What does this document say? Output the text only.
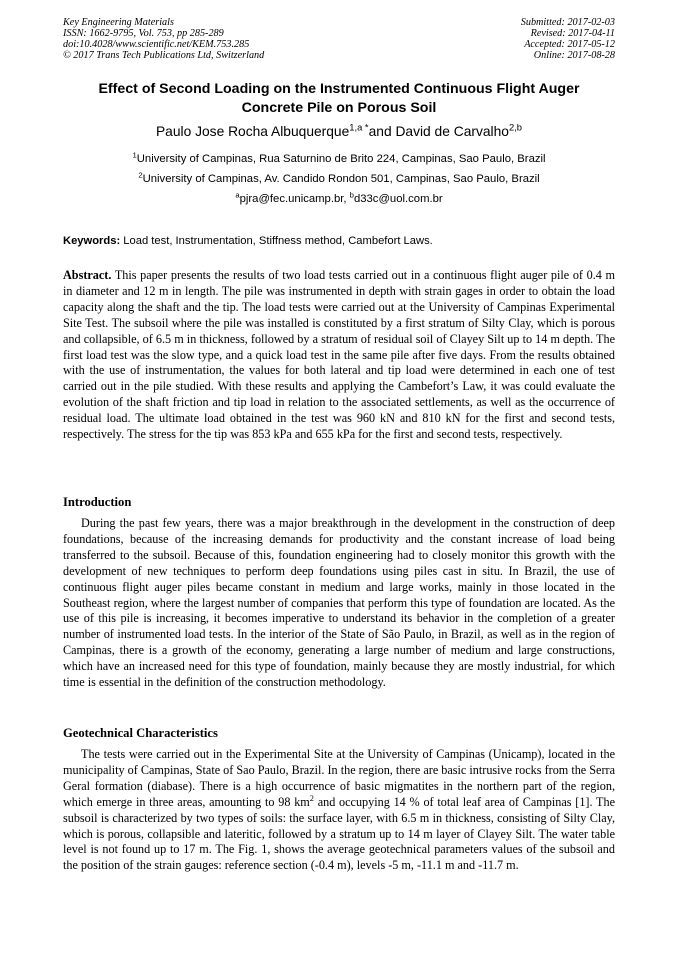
Key Engineering Materials
ISSN: 1662-9795, Vol. 753, pp 285-289
doi:10.4028/www.scientific.net/KEM.753.285
© 2017 Trans Tech Publications Ltd, Switzerland
Submitted: 2017-02-03
Revised: 2017-04-11
Accepted: 2017-05-12
Online: 2017-08-28
Effect of Second Loading on the Instrumented Continuous Flight Auger
Concrete Pile on Porous Soil
Paulo Jose Rocha Albuquerque$^{1,a *}$and David de Carvalho$^{2,b}$
$^1$University of Campinas, Rua Saturnino de Brito 224, Campinas, Sao Paulo, Brazil
$^2$University of Campinas, Av. Candido Rondon 501, Campinas, Sao Paulo, Brazil
$^a$pjra@fec.unicamp.br, $^b$d33c@uol.com.br
Keywords: Load test, Instrumentation, Stiffness method, Cambefort Laws.
Abstract. This paper presents the results of two load tests carried out in a continuous flight auger pile of 0.4 m in diameter and 12 m in length. The pile was instrumented in depth with strain gages in order to obtain the load capacity along the shaft and the tip. The load tests were carried out at the University of Campinas Experimental Site Test. The subsoil where the pile was installed is constituted by a first stratum of Silty Clay, which is porous and collapsible, of 6.5 m in thickness, followed by a stratum of residual soil of Clayey Silt up to 14 m depth. The first load test was the slow type, and a quick load test in the same pile after five days. From the results obtained with the use of instrumentation, the values for both lateral and tip load were determined in each one of test carried out in the pile studied. With these results and applying the Cambefort’s Law, it was could evaluate the evolution of the shaft friction and tip load in relation to the associated settlements, as well as the occurrence of residual load. The ultimate load obtained in the test was 960 kN and 810 kN for the first and second tests, respectively. The stress for the tip was 853 kPa and 655 kPa for the first and second tests, respectively.
Introduction
During the past few years, there was a major breakthrough in the development in the construction of deep foundations, because of the increasing demands for productivity and the constant increase of load being transferred to the subsoil. Because of this, foundation engineering had to closely monitor this growth with the development of new techniques to perform deep foundations using piles cast in situ. In Brazil, the use of continuous flight auger piles became constant in medium and large works, mainly in those located in the Southeast region, where the largest number of companies that perform this type of foundation are located. As the use of this pile is increasing, it becomes imperative to understand its behavior in the completion of a greater number of instrumented load tests. In the interior of the State of São Paulo, in Brazil, as well as in the region of Campinas, there is a growth of the economy, generating a large number of medium and large constructions, which have an increased need for this type of foundation, mainly because they are mostly industrial, for which time is essential in the definition of the construction methodology.
Geotechnical Characteristics
The tests were carried out in the Experimental Site at the University of Campinas (Unicamp), located in the municipality of Campinas, State of Sao Paulo, Brazil. In the region, there are basic intrusive rocks from the Serra Geral formation (diabase). There is a high occurrence of basic migmatites in the northern part of the region, which emerge in three areas, amounting to 98 $km^2$ and occupying 14 % of total leaf area of Campinas [1]. The subsoil is characterized by two types of soils: the surface layer, with 6.5 m in thickness, consisting of Silty Clay, which is porous, collapsible and lateritic, followed by a stratum up to 14 m layer of Clayey Silt. The water table level is not found up to 17 m. The Fig. 1, shows the average geotechnical parameters values of the subsoil and the position of the strain gauges: reference section (-0.4 m), levels -5 m, -11.1 m and -11.7 m.
